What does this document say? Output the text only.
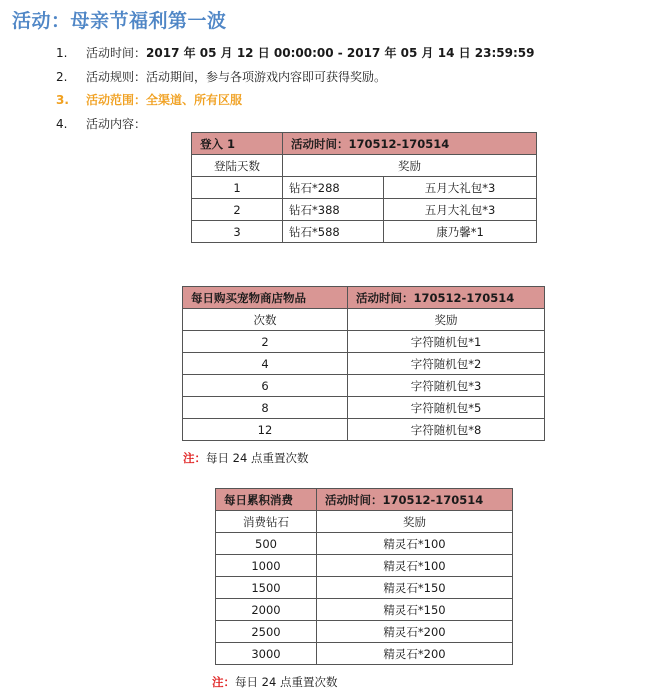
活动：母亲节福利第一波
1. 活动时间：2017 年 05 月 12 日 00:00:00 - 2017 年 05 月 14 日 23:59:59
2. 活动规则：活动期间，参与各项游戏内容即可获得奖励。
3. 活动范围：全渠道、所有区服
4. 活动内容：
登入 1	活动时间：170512-170514	
登陆天数	奖励	
1	钻石*288	五月大礼包*3
2	钻石*388	五月大礼包*3
3	钻石*588	康乃馨*1
每日购买宠物商店物品	活动时间：170512-170514
次数	奖励
2	字符随机包*1
4	字符随机包*2
6	字符随机包*3
8	字符随机包*5
12	字符随机包*8
注：每日 24 点重置次数
每日累积消费	活动时间：170512-170514
消费钻石	奖励
500	精灵石*100
1000	精灵石*100
1500	精灵石*150
2000	精灵石*150
2500	精灵石*200
3000	精灵石*200
注：每日 24 点重置次数
